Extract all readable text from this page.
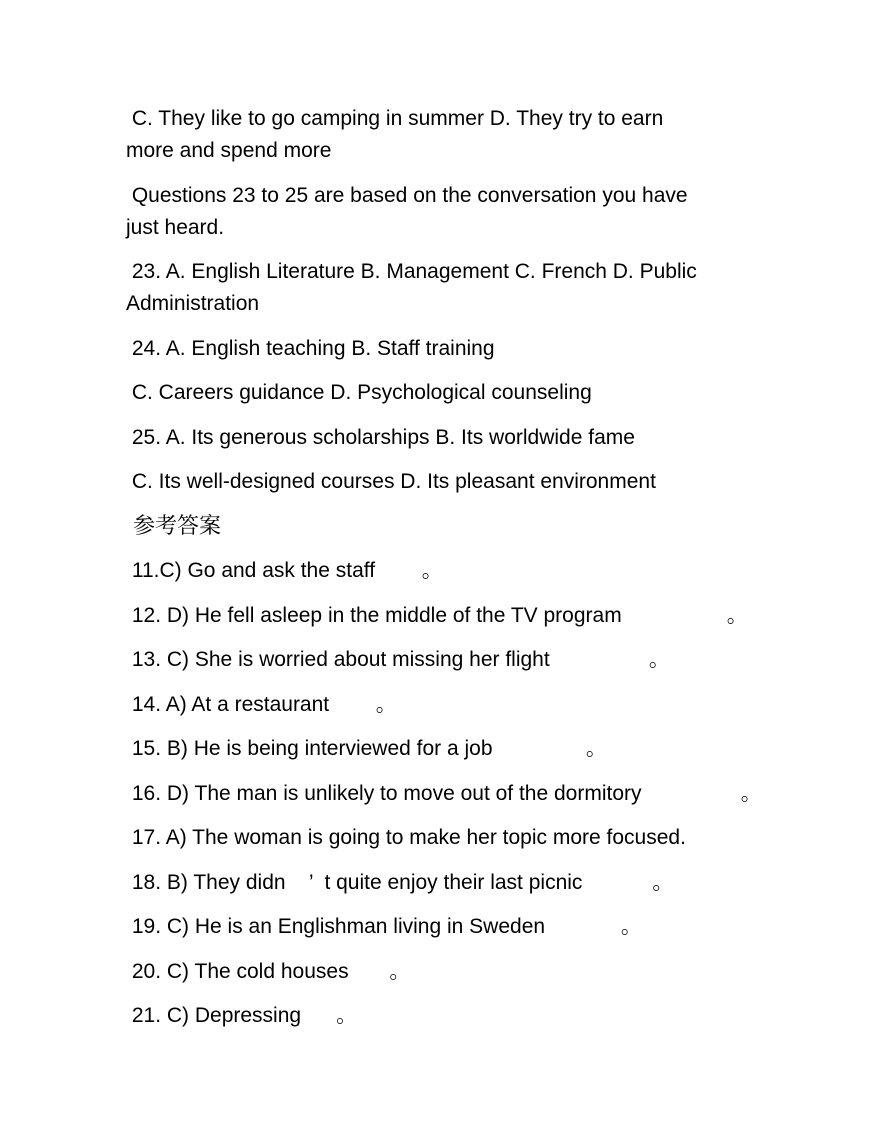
C. They like to go camping in summer D. They try to earn
more and spend more

Questions 23 to 25 are based on the conversation you have
just heard.

23. A. English Literature B. Management C. French D. Public
Administration

24. A. English teaching B. Staff training

C. Careers guidance D. Psychological counseling

25. A. Its generous scholarships B. Its worldwide fame

C. Its well-designed courses D. Its pleasant environment

参考答案

11.C) Go and ask the staff        。

12. D) He fell asleep in the middle of the TV program                  。

13. C) She is worried about missing her flight                 。

14. A) At a restaurant        。

15. B) He is being interviewed for a job                。

16. D) The man is unlikely to move out of the dormitory                 。

17. A) The woman is going to make her topic more focused.

18. B) They didn    ’  t quite enjoy their last picnic            。

19. C) He is an Englishman living in Sweden             。

20. C) The cold houses       。

21. C) Depressing      。
